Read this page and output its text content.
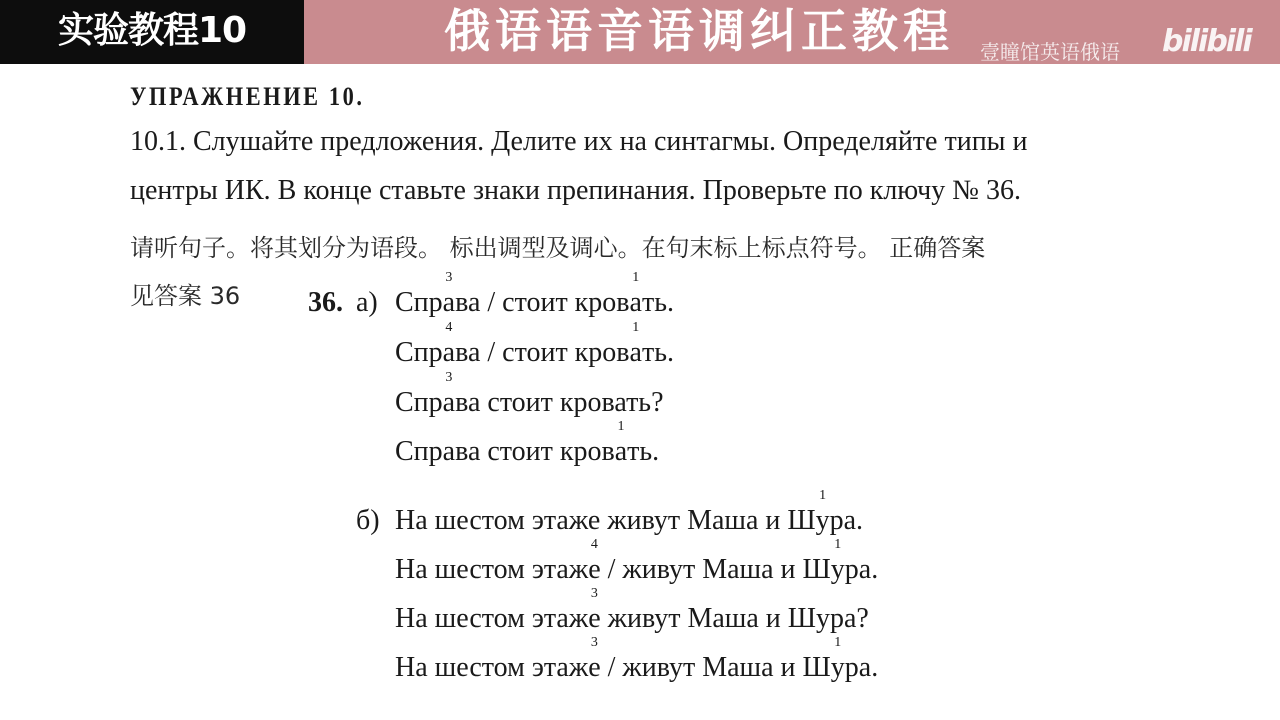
实验教程10	俄语语音语调纠正教程 壹瞳馆英语俄语 bilibili
УПРАЖНЕНИЕ 10.
10.1. Слушайте предложения. Делите их на синтагмы. Определяйте типы и
центры ИК. В конце ставьте знаки препинания. Проверьте по ключу № 36.
请听句子。将其划分为语段。 标出调型及调心。在句末标上标点符号。 正确答案
见答案 36 36. а)
б)
Спра
3
ва / стоит крова
1
ть.
Спра
4
ва / стоит крова
1
ть.
Спра
3
ва стоит кровать?
Справа стоит крова
1
ть.
На шестом этаже живут Маша и Шу
1
ра.
На шестом этаже
4
/ живут Маша и Шу
1
ра.
На шестом этаже
3
живут Маша и Шура?
На шестом этаже
3
/ живут Маша и Шу
1
ра.
